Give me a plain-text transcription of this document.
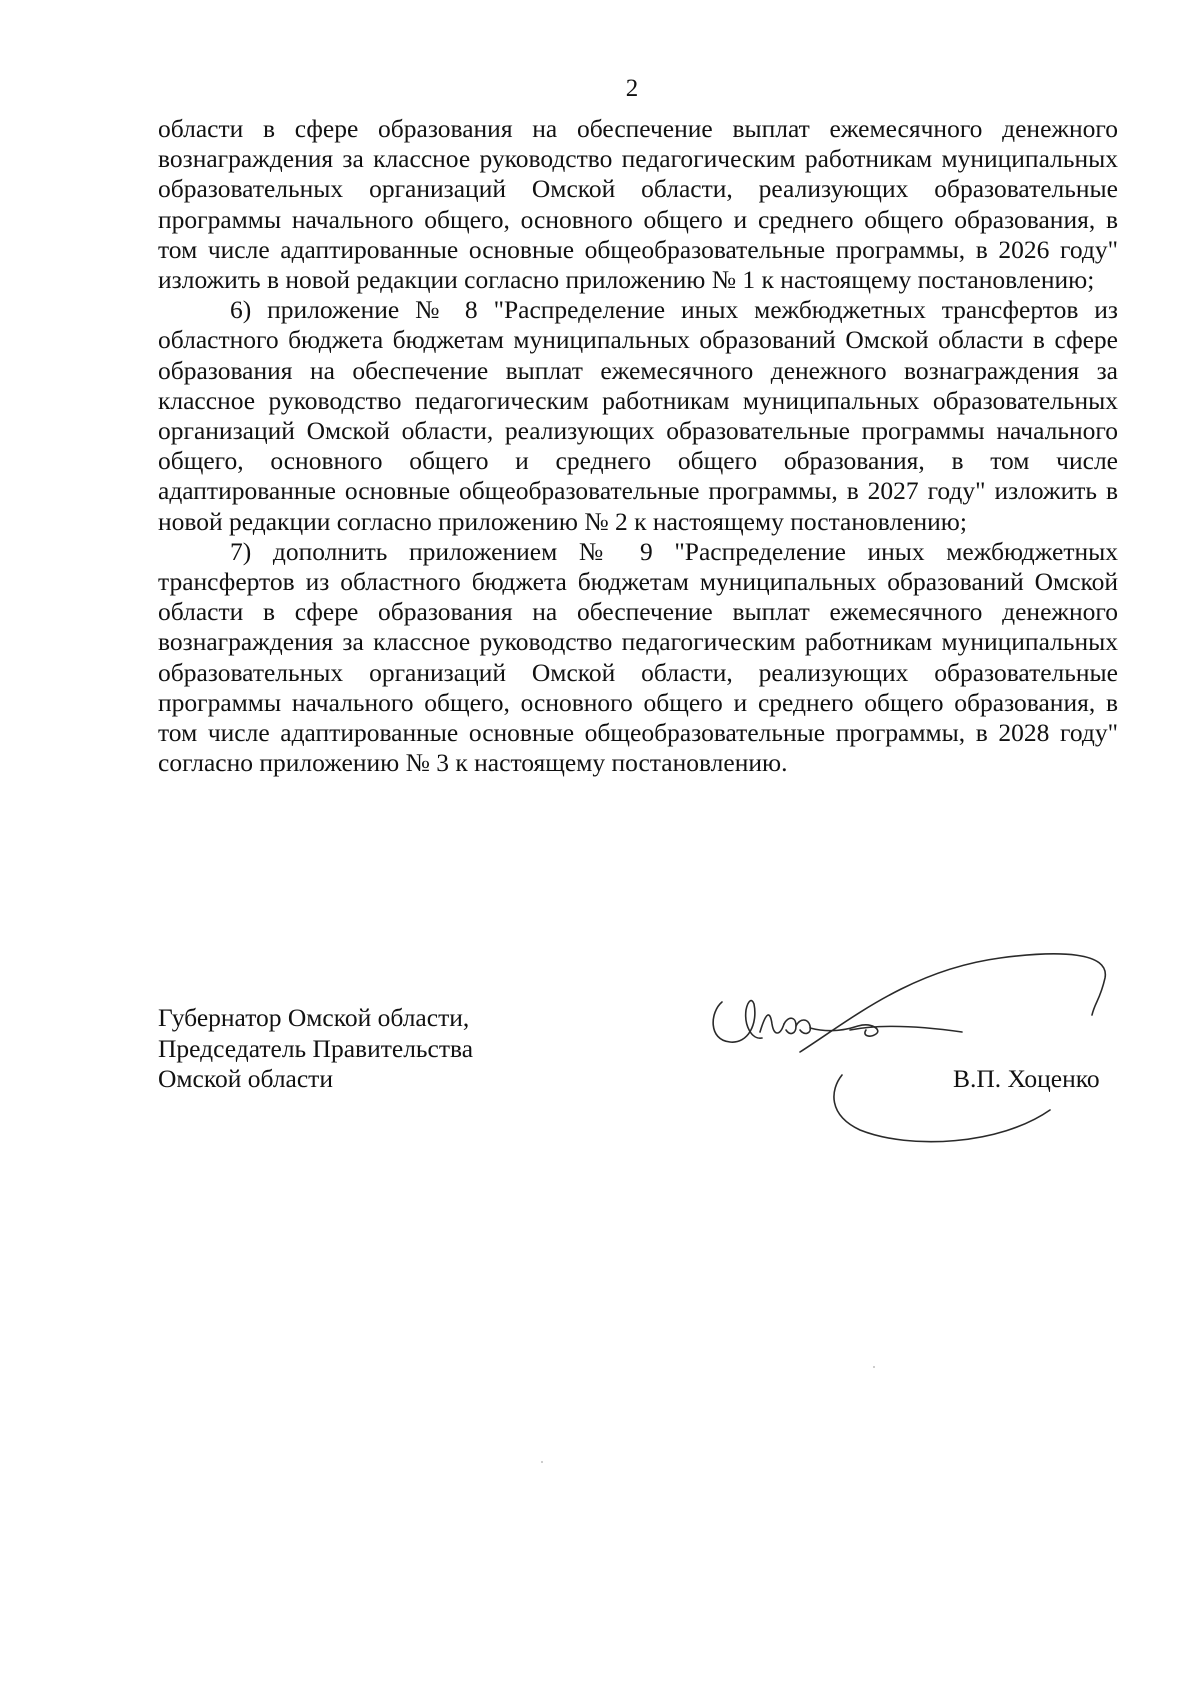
2

области в сфере образования на обеспечение выплат ежемесячного денежного вознаграждения за классное руководство педагогическим работникам муниципальных образовательных организаций Омской области, реализующих образовательные программы начального общего, основного общего и среднего общего образования, в том числе адаптированные основные общеобразовательные программы, в 2026 году" изложить в новой редакции согласно приложению № 1 к настоящему постановлению;

6) приложение № 8 "Распределение иных межбюджетных трансфертов из областного бюджета бюджетам муниципальных образований Омской области в сфере образования на обеспечение выплат ежемесячного денежного вознаграждения за классное руководство педагогическим работникам муниципальных образовательных организаций Омской области, реализующих образовательные программы начального общего, основного общего и среднего общего образования, в том числе адаптированные основные общеобразовательные программы, в 2027 году" изложить в новой редакции согласно приложению № 2 к настоящему постановлению;

7) дополнить приложением № 9 "Распределение иных межбюджетных трансфертов из областного бюджета бюджетам муниципальных образований Омской области в сфере образования на обеспечение выплат ежемесячного денежного вознаграждения за классное руководство педагогическим работникам муниципальных образовательных организаций Омской области, реализующих образовательные программы начального общего, основного общего и среднего общего образования, в том числе адаптированные основные общеобразовательные программы, в 2028 году" согласно приложению № 3 к настоящему постановлению.

Губернатор Омской области,
Председатель Правительства
Омской области	В.П. Хоценко
